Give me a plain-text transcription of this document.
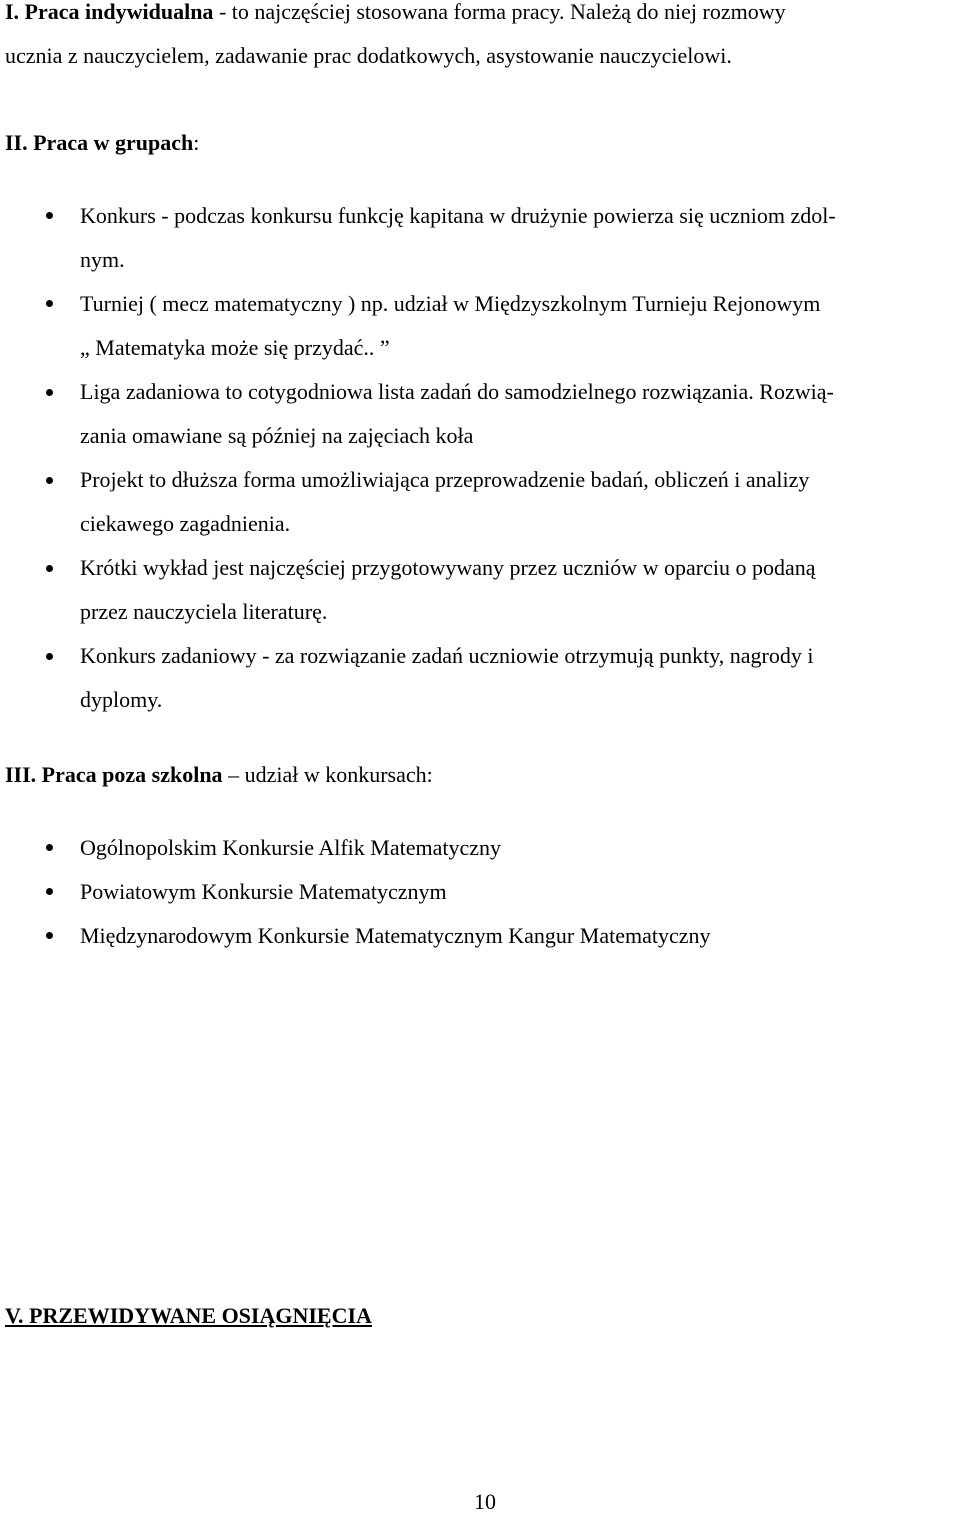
I. Praca indywidualna - to najczęściej stosowana forma pracy. Należą do niej rozmowy
ucznia z nauczycielem, zadawanie prac dodatkowych, asystowanie nauczycielowi.
II. Praca w grupach:
Konkurs - podczas konkursu funkcję kapitana w drużynie powierza się uczniom zdol-
nym.
Turniej ( mecz matematyczny ) np. udział w Międzyszkolnym Turnieju Rejonowym
„ Matematyka może się przydać.. ”
Liga zadaniowa to cotygodniowa lista zadań do samodzielnego rozwiązania. Rozwią-
zania omawiane są później na zajęciach koła
Projekt to dłuższa forma umożliwiająca przeprowadzenie badań, obliczeń i analizy
ciekawego zagadnienia.
Krótki wykład jest najczęściej przygotowywany przez uczniów w oparciu o podaną
przez nauczyciela literaturę.
Konkurs zadaniowy - za rozwiązanie zadań uczniowie otrzymują punkty, nagrody i
dyplomy.
III. Praca poza szkolna – udział w konkursach:
Ogólnopolskim Konkursie Alfik Matematyczny
Powiatowym Konkursie Matematycznym
Międzynarodowym Konkursie Matematycznym Kangur Matematyczny
V. PRZEWIDYWANE OSIĄGNIĘCIA
10
